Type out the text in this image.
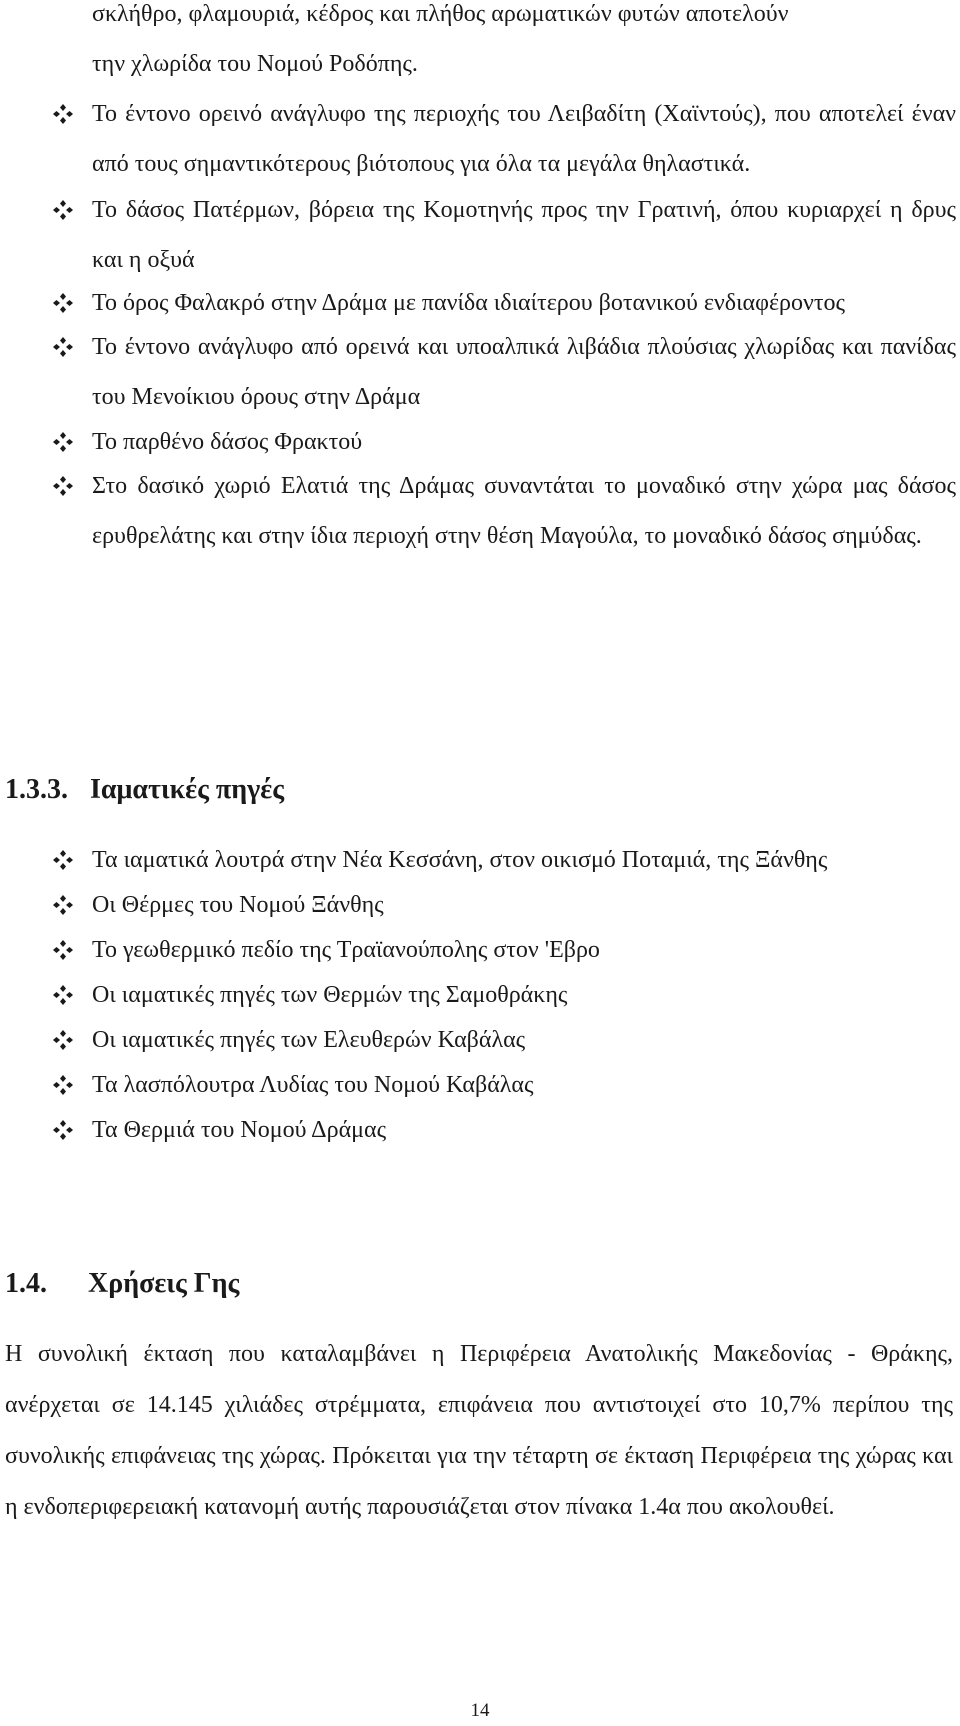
σκλήθρο, φλαμουριά, κέδρος και πλήθος αρωματικών φυτών αποτελούν
την χλωρίδα του Νομού Ροδόπης.
Το έντονο ορεινό ανάγλυφο της περιοχής του Λειβαδίτη (Χαϊντούς), που αποτελεί έναν από τους σημαντικότερους βιότοπους για όλα τα μεγάλα θηλαστικά.
Το δάσος Πατέρμων, βόρεια της Κομοτηνής προς την Γρατινή, όπου κυριαρχεί η δρυς και η οξυά
Το όρος Φαλακρό στην Δράμα με πανίδα ιδιαίτερου βοτανικού ενδιαφέροντος
Το έντονο ανάγλυφο από ορεινά και υποαλπικά λιβάδια πλούσιας χλωρίδας και πανίδας του Μενοίκιου όρους στην Δράμα
Το παρθένο δάσος Φρακτού
Στο δασικό χωριό Ελατιά της Δράμας συναντάται το μοναδικό στην χώρα μας δάσος ερυθρελάτης και στην ίδια περιοχή στην θέση Μαγούλα, το μοναδικό δάσος σημύδας.
1.3.3. Ιαματικές πηγές
Τα ιαματικά λουτρά στην Νέα Κεσσάνη, στον οικισμό Ποταμιά, της Ξάνθης
Οι Θέρμες του Νομού Ξάνθης
Το γεωθερμικό πεδίο της Τραϊανούπολης στον 'Εβρο
Οι ιαματικές πηγές των Θερμών της Σαμοθράκης
Οι ιαματικές πηγές των Ελευθερών Καβάλας
Τα λασπόλουτρα Λυδίας του Νομού Καβάλας
Τα Θερμιά του Νομού Δράμας
1.4. Χρήσεις Γης
Η συνολική έκταση που καταλαμβάνει η Περιφέρεια Ανατολικής Μακεδονίας - Θράκης, ανέρχεται σε 14.145 χιλιάδες στρέμματα, επιφάνεια που αντιστοιχεί στο 10,7% περίπου της συνολικής επιφάνειας της χώρας. Πρόκειται για την τέταρτη σε έκταση Περιφέρεια της χώρας και η ενδοπεριφερειακή κατανομή αυτής παρουσιάζεται στον πίνακα 1.4α που ακολουθεί.
14
